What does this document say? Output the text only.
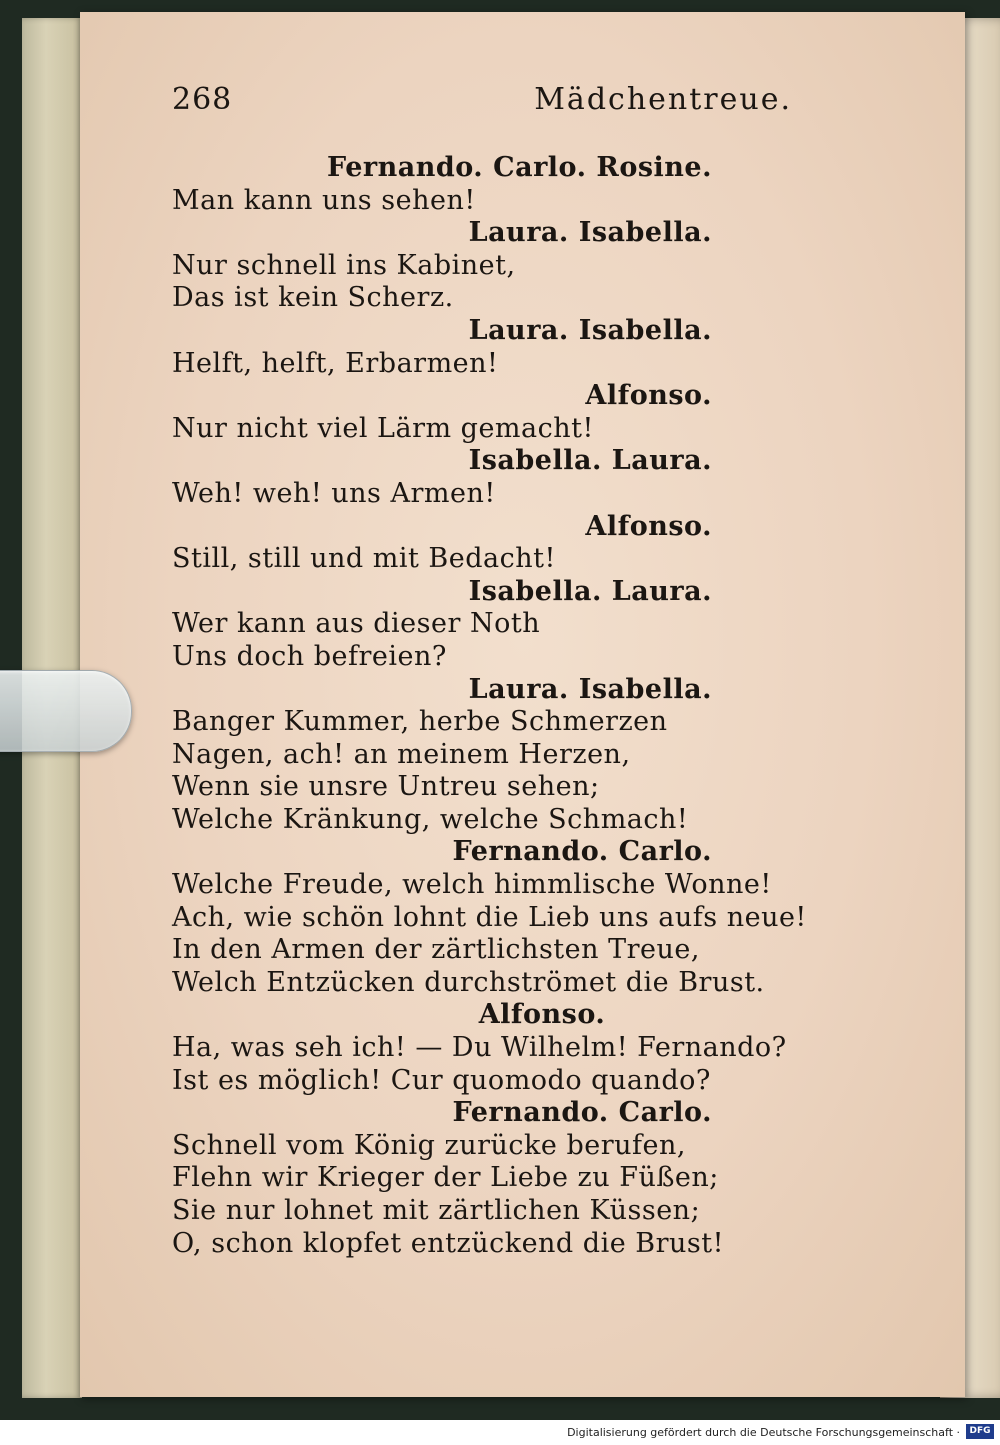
268	Mädchentreue.
Fernando. Carlo. Rosine.
Man kann uns sehen!
Laura. Isabella.
Nur schnell ins Kabinet,
Das ist kein Scherz.
Laura. Isabella.
Helft, helft, Erbarmen!
Alfonso.
Nur nicht viel Lärm gemacht!
Isabella. Laura.
Weh! weh! uns Armen!
Alfonso.
Still, still und mit Bedacht!
Isabella. Laura.
Wer kann aus dieser Noth
Uns doch befreien?
Laura. Isabella.
Banger Kummer, herbe Schmerzen
Nagen, ach! an meinem Herzen,
Wenn sie unsre Untreu sehen;
Welche Kränkung, welche Schmach!
Fernando. Carlo.
Welche Freude, welch himmlische Wonne!
Ach, wie schön lohnt die Lieb uns aufs neue!
In den Armen der zärtlichsten Treue,
Welch Entzücken durchströmet die Brust.
Alfonso.
Ha, was seh ich! — Du Wilhelm! Fernando?
Ist es möglich! Cur quomodo quando?
Fernando. Carlo.
Schnell vom König zurücke berufen,
Flehn wir Krieger der Liebe zu Füßen;
Sie nur lohnet mit zärtlichen Küssen;
O, schon klopfet entzückend die Brust!
Digitalisierung gefördert durch die Deutsche Forschungsgemeinschaft ·	DFG
